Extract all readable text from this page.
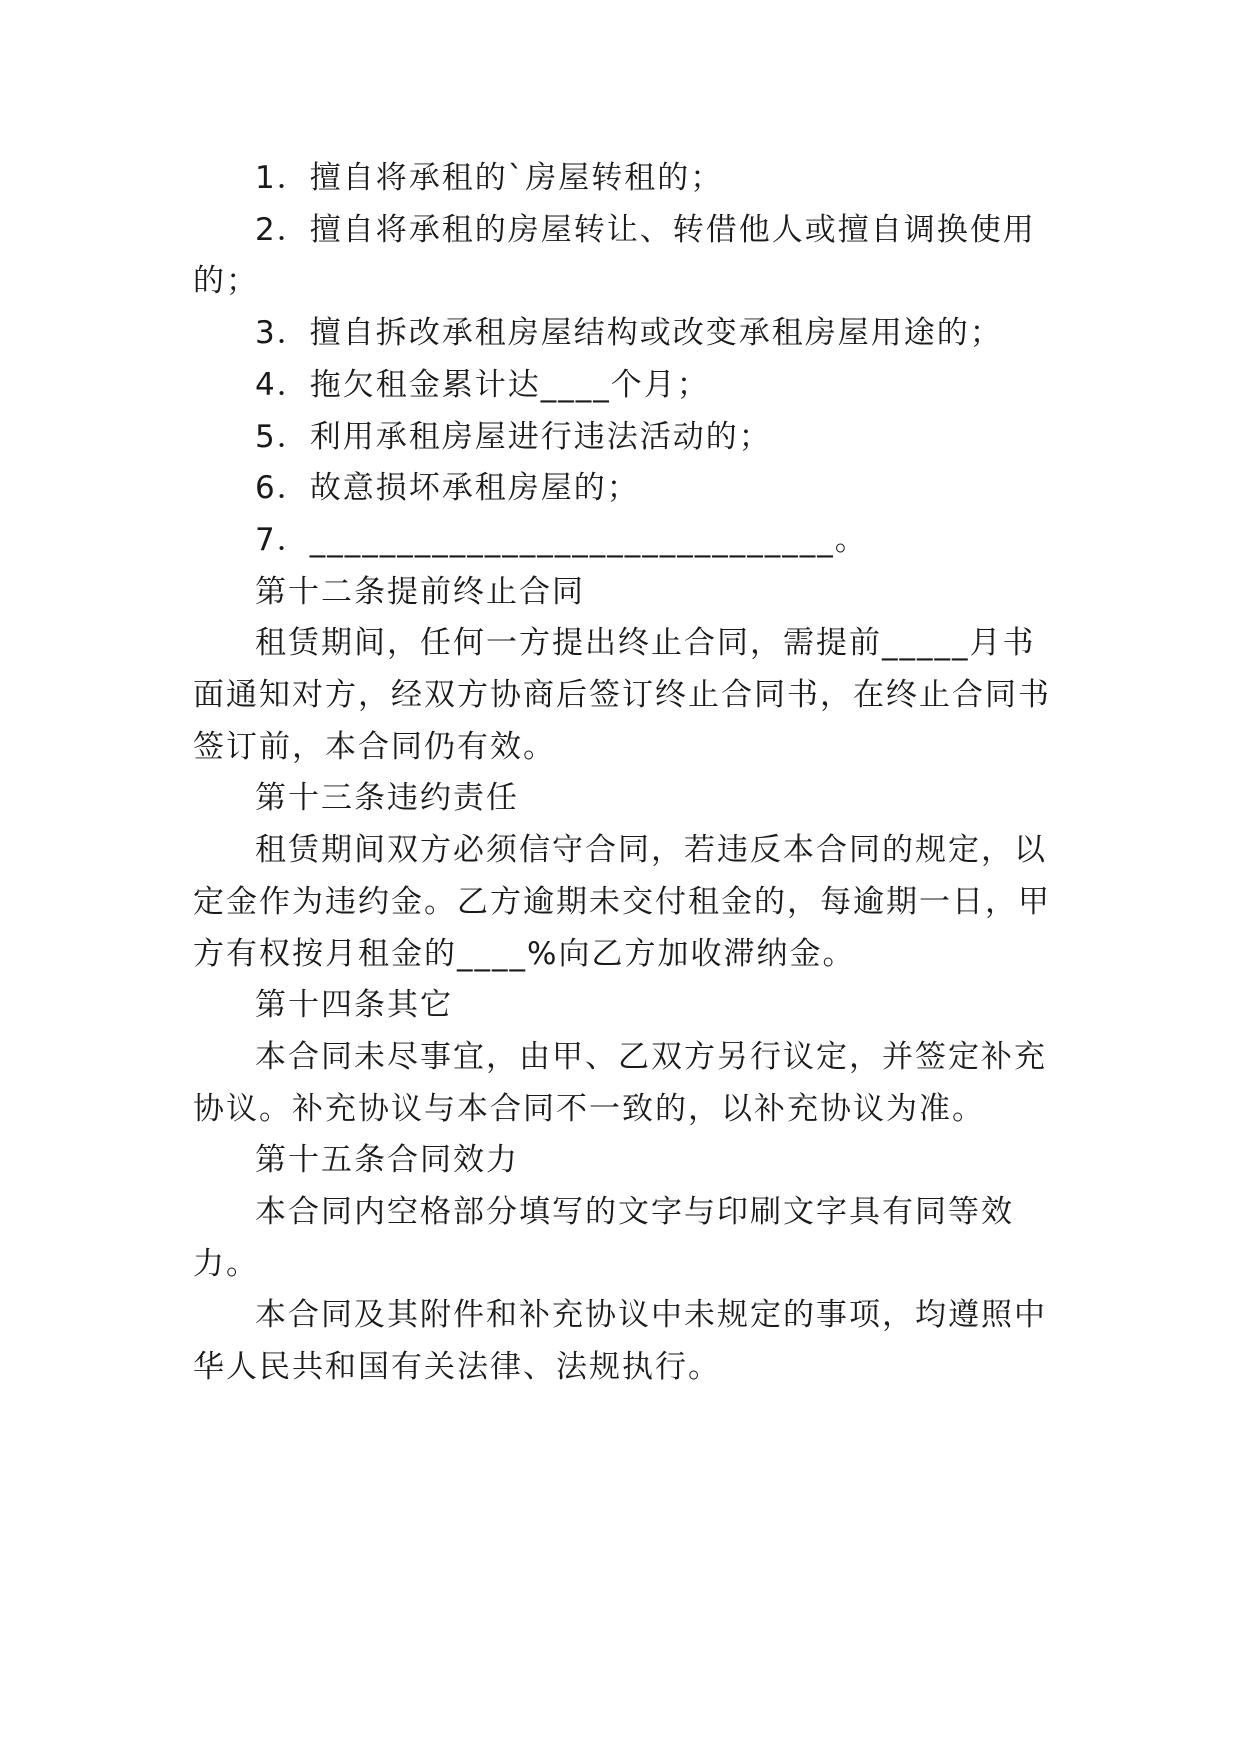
1．擅自将承租的`房屋转租的；
2．擅自将承租的房屋转让、转借他人或擅自调换使用
的；
3．擅自拆改承租房屋结构或改变承租房屋用途的；
4．拖欠租金累计达____个月；
5．利用承租房屋进行违法活动的；
6．故意损坏承租房屋的；
7．______________________________。
第十二条提前终止合同
租赁期间，任何一方提出终止合同，需提前_____月书
面通知对方，经双方协商后签订终止合同书，在终止合同书
签订前，本合同仍有效。
第十三条违约责任
租赁期间双方必须信守合同，若违反本合同的规定，以
定金作为违约金。乙方逾期未交付租金的，每逾期一日，甲
方有权按月租金的____%向乙方加收滞纳金。
第十四条其它
本合同未尽事宜，由甲、乙双方另行议定，并签定补充
协议。补充协议与本合同不一致的，以补充协议为准。
第十五条合同效力
本合同内空格部分填写的文字与印刷文字具有同等效
力。
本合同及其附件和补充协议中未规定的事项，均遵照中
华人民共和国有关法律、法规执行。
